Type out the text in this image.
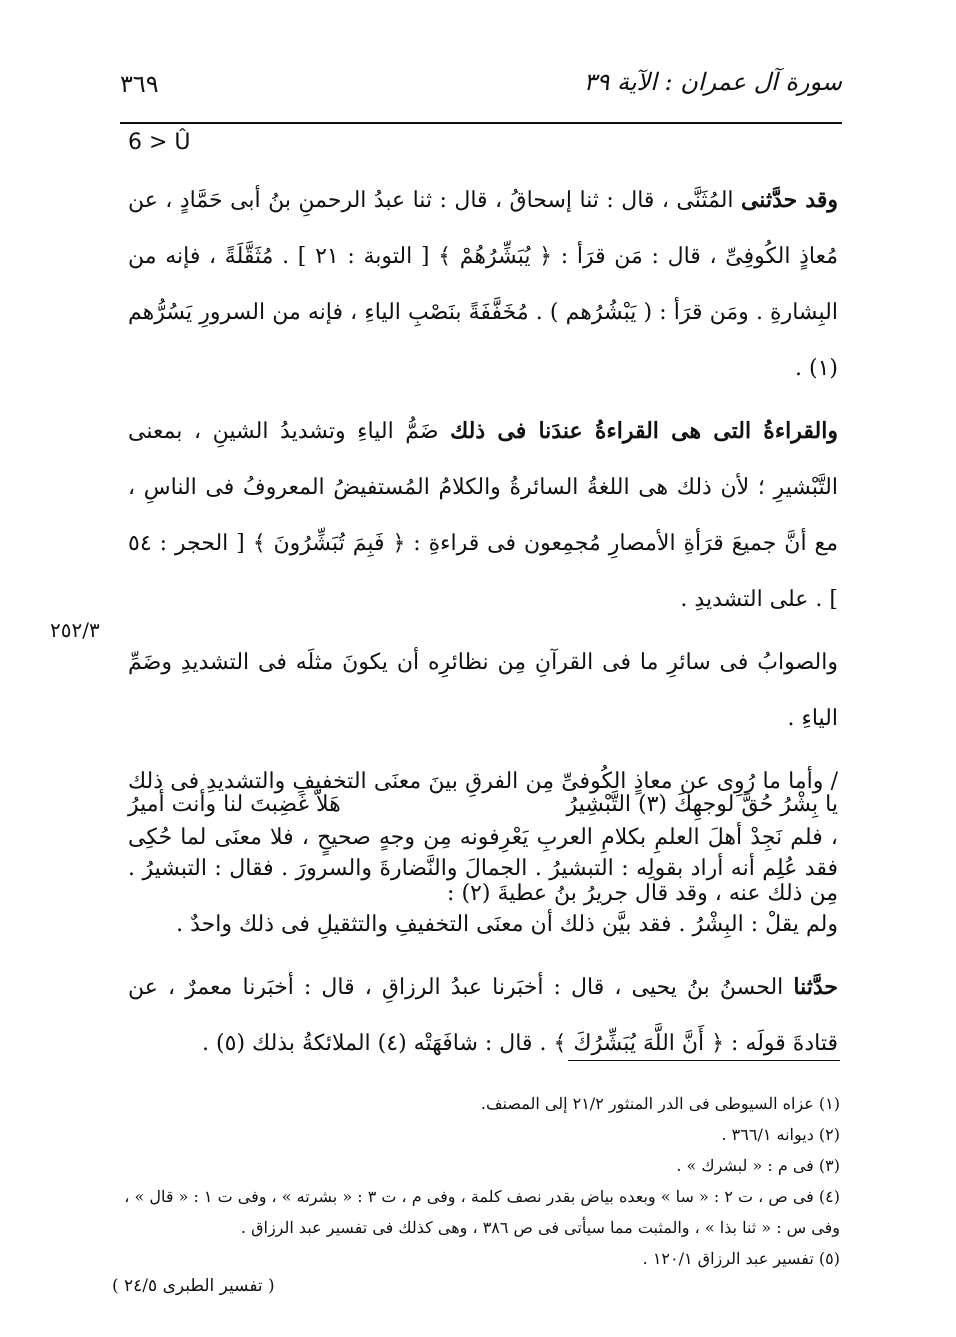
٣٦٩	سورة آل عمران : الآية ٣٩
6 > Û
٢٥٢/٣

وقد حدَّثنى المُثَنَّى ، قال : ثنا إسحاقُ ، قال : ثنا عبدُ الرحمنِ بنُ أبى حَمَّادٍ ، عن مُعاذٍ الكُوفِىِّ ، قال : مَن قرَأ : ﴿ يُبَشِّرُهُمْ ﴾ [ التوبة : ٢١ ] . مُثَقَّلَةً ، فإنه من البِشارةِ . ومَن قرَأ : ( يَبْشُرُهم ) . مُخَفَّفَةً بنَصْبِ الياءِ ، فإنه من السرورِ يَسُرُّهم (١) .

والقراءةُ التى هى القراءةُ عندَنا فى ذلك ضَمُّ الياءِ وتشديدُ الشينِ ، بمعنى التَّبْشيرِ ؛ لأن ذلك هى اللغةُ السائرةُ والكلامُ المُستفيضُ المعروفُ فى الناسِ ، مع أنَّ جميعَ قرَأةِ الأمصارِ مُجمِعون فى قراءةِ : ﴿ فَبِمَ تُبَشِّرُونَ ﴾ [ الحجر : ٥٤ ] . على التشديدِ .

والصوابُ فى سائرِ ما فى القرآنِ مِن نظائرِه أن يكونَ مثلَه فى التشديدِ وضَمِّ الياءِ .

/ وأما ما رُوِى عن معاذٍ الكُوفىِّ مِن الفرقِ بينَ معنَى التخفيفِ والتشديدِ فى ذلك ، فلم نَجِدْ أهلَ العلمِ بكلامِ العربِ يَعْرِفونه مِن وجهٍ صحيحٍ ، فلا معنَى لما حُكِى مِن ذلك عنه ، وقد قال جريرُ بنُ عطيةَ (٢) :

يا بِشْرُ حُقَّ لوجهِكَ (٣) التَّبْشِيرُ
هَلاَّ غَضِبتَ لنا وأنت أميرُ

فقد عُلِم أنه أراد بقولِه : التبشيرُ . الجمالَ والنَّضارةَ والسرورَ . فقال : التبشيرُ . ولم يقلْ : البِشْرُ . فقد بيَّن ذلك أن معنَى التخفيفِ والتثقيلِ فى ذلك واحدٌ .

حدَّثنا الحسنُ بنُ يحيى ، قال : أخبَرنا عبدُ الرزاقِ ، قال : أخبَرنا معمرٌ ، عن قتادةَ قولَه : ﴿ أَنَّ اللَّهَ يُبَشِّرُكَ ﴾ . قال : شافَهَتْه (٤) الملائكةُ بذلك (٥) .

(١) عزاه السيوطى فى الدر المنثور ٢١/٢ إلى المصنف.
(٢) ديوانه ٣٦٦/١ .
(٣) فى م : « لبشرك » .
(٤) فى ص ، ت ٢ : « سا » وبعده بياض بقدر نصف كلمة ، وفى م ، ت ٣ : « بشرته » ، وفى ت ١ : « قال » ،
وفى س : « ثنا بذا » ، والمثبت مما سيأتى فى ص ٣٨٦ ، وهى كذلك فى تفسير عبد الرزاق .
(٥) تفسير عبد الرزاق ١٢٠/١ .
( تفسير الطبرى ٢٤/٥ )
